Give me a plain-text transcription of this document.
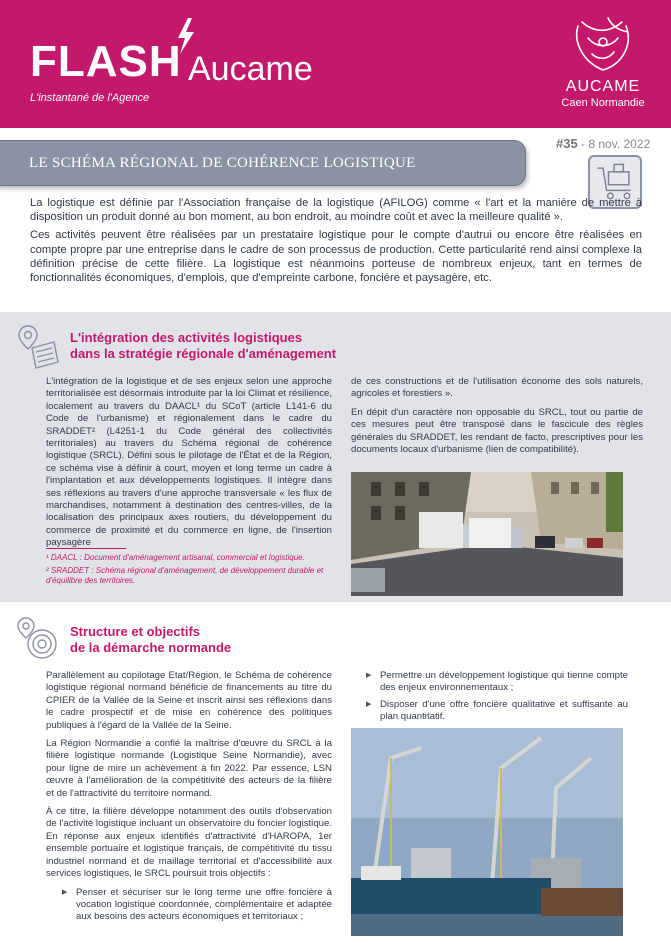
FLASH Aucame
L'instantané de l'Agence
AUCAME
Caen Normandie
#35 - 8 nov. 2022
LE SCHÉMA RÉGIONAL DE COHÉRENCE LOGISTIQUE

La logistique est définie par l'Association française de la logistique (AFILOG) comme « l'art et la manière de mettre à disposition un produit donné au bon moment, au bon endroit, au moindre coût et avec la meilleure qualité ».

Ces activités peuvent être réalisées par un prestataire logistique pour le compte d'autrui ou encore être réalisées en compte propre par une entreprise dans le cadre de son processus de production. Cette particularité rend ainsi complexe la définition précise de cette filière. La logistique est néanmoins porteuse de nombreux enjeux, tant en termes de fonctionnalités économiques, d'emplois, que d'empreinte carbone, foncière et paysagère, etc.

L'intégration des activités logistiques
dans la stratégie régionale d'aménagement

L'intégration de la logistique et de ses enjeux selon une approche territorialisée est désormais introduite par la loi Climat et résilience, localement au travers du DAACL¹ du SCoT (article L141-6 du Code de l'urbanisme) et régionalement dans le cadre du SRADDET² (L4251-1 du Code général des collectivités territoriales) au travers du Schéma régional de cohérence logistique (SRCL). Défini sous le pilotage de l'État et de la Région, ce schéma vise à définir à court, moyen et long terme un cadre à l'implantation et aux développements logistiques. Il intègre dans ses réflexions au travers d'une approche transversale « les flux de marchandises, notamment à destination des centres-villes, de la localisation des principaux axes routiers, du développement du commerce de proximité et du commerce en ligne, de l'insertion paysagère

¹ DAACL : Document d'aménagement artisanal, commercial et logistique.
² SRADDET : Schéma régional d'aménagement, de développement durable et d'équilibre des territoires.

de ces constructions et de l'utilisation économe des sols naturels, agricoles et forestiers ».

En dépit d'un caractère non opposable du SRCL, tout ou partie de ces mesures peut être transposé dans le fascicule des règles générales du SRADDET, les rendant de facto, prescriptives pour les documents locaux d'urbanisme (lien de compatibilité).

Structure et objectifs
de la démarche normande

Parallèlement au copilotage Etat/Région, le Schéma de cohérence logistique régional normand bénéficie de financements au titre du CPIER de la Vallée de la Seine et inscrit ainsi ses réflexions dans le cadre prospectif et de mise en cohérence des politiques publiques à l'égard de la Vallée de la Seine.

La Région Normandie a confié la maîtrise d'œuvre du SRCL à la filière logistique normande (Logistique Seine Normandie), avec pour ligne de mire un achèvement à fin 2022. Par essence, LSN œuvre à l'amélioration de la compétitivité des acteurs de la filière et de l'attractivité du territoire normand.

À ce titre, la filière développe notamment des outils d'observation de l'activité logistique incluant un observatoire du foncier logistique. En réponse aux enjeux identifiés d'attractivité d'HAROPA, 1er ensemble portuaire et logistique français, de compétitivité du tissu industriel normand et de maillage territorial et d'accessibilité aux services logistiques, le SRCL poursuit trois objectifs :

▶ Penser et sécuriser sur le long terme une offre foncière à vocation logistique coordonnée, complémentaire et adaptée aux besoins des acteurs économiques et territoriaux ;
▶ Permettre un développement logistique qui tienne compte des enjeux environnementaux ;
▶ Disposer d'une offre foncière qualitative et suffisante au plan quantitatif.
